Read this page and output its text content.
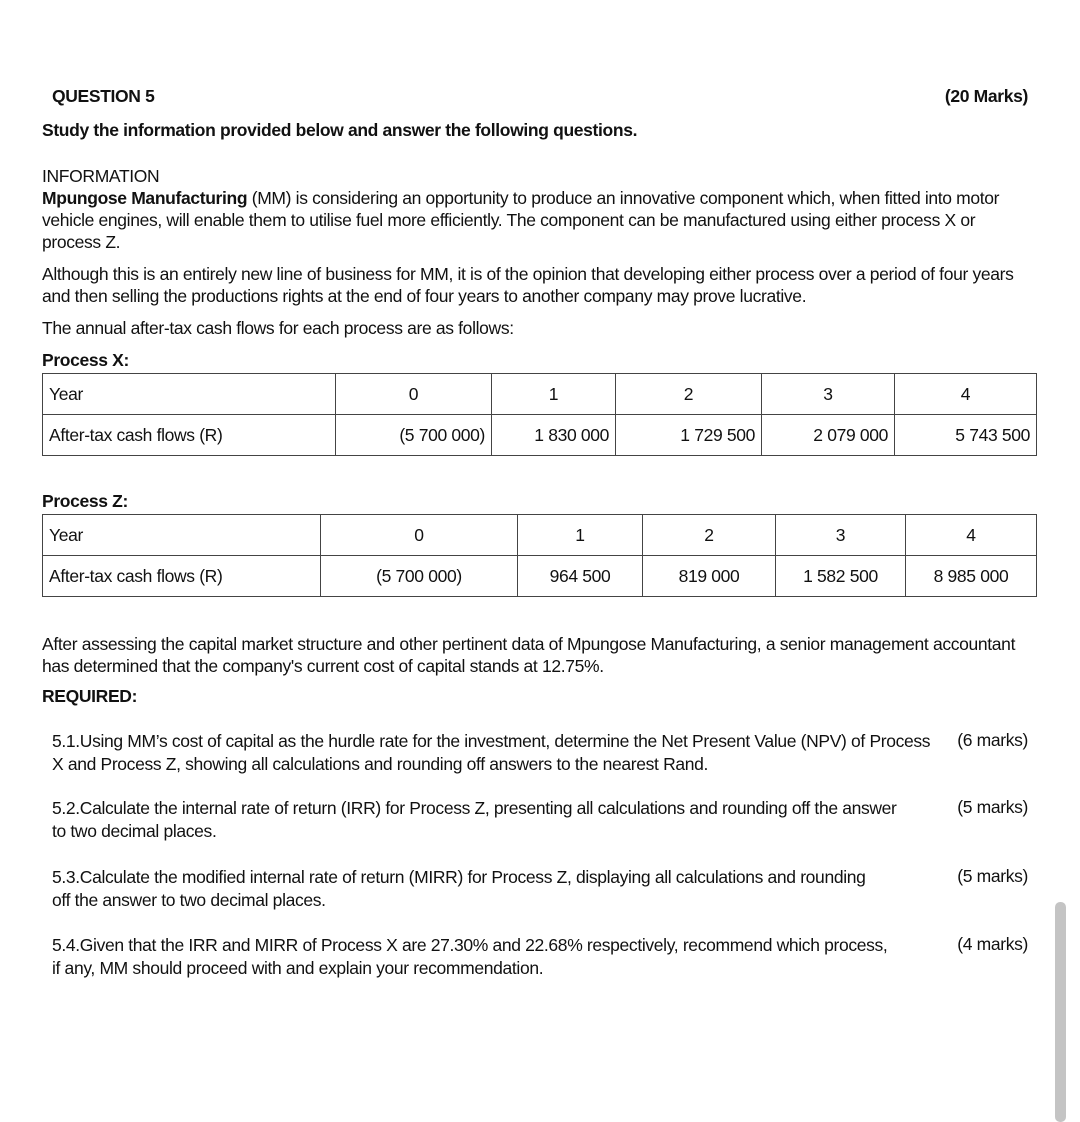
QUESTION 5	(20 Marks)
Study the information provided below and answer the following questions.

INFORMATION

Mpungose Manufacturing (MM) is considering an opportunity to produce an innovative component which, when fitted into motor vehicle engines, will enable them to utilise fuel more efficiently. The component can be manufactured using either process X or process Z.

Although this is an entirely new line of business for MM, it is of the opinion that developing either process over a period of four years and then selling the productions rights at the end of four years to another company may prove lucrative.

The annual after-tax cash flows for each process are as follows:

Process X:
Year	0	1	2	3	4
After-tax cash flows (R)	(5 700 000)	1 830 000	1 729 500	2 079 000	5 743 500
Process Z:
Year	0	1	2	3	4
After-tax cash flows (R)	(5 700 000)	964 500	819 000	1 582 500	8 985 000

After assessing the capital market structure and other pertinent data of Mpungose Manufacturing, a senior management accountant has determined that the company's current cost of capital stands at 12.75%.

REQUIRED:
5.1.Using MM’s cost of capital as the hurdle rate for the investment, determine the Net Present Value (NPV) of Process X and Process Z, showing all calculations and rounding off answers to the nearest Rand.
(6 marks)
5.2.Calculate the internal rate of return (IRR) for Process Z, presenting all calculations and rounding off the answer to two decimal places.
(5 marks)
5.3.Calculate the modified internal rate of return (MIRR) for Process Z, displaying all calculations and rounding off the answer to two decimal places.
(5 marks)
5.4.Given that the IRR and MIRR of Process X are 27.30% and 22.68% respectively, recommend which process, if any, MM should proceed with and explain your recommendation.
(4 marks)
